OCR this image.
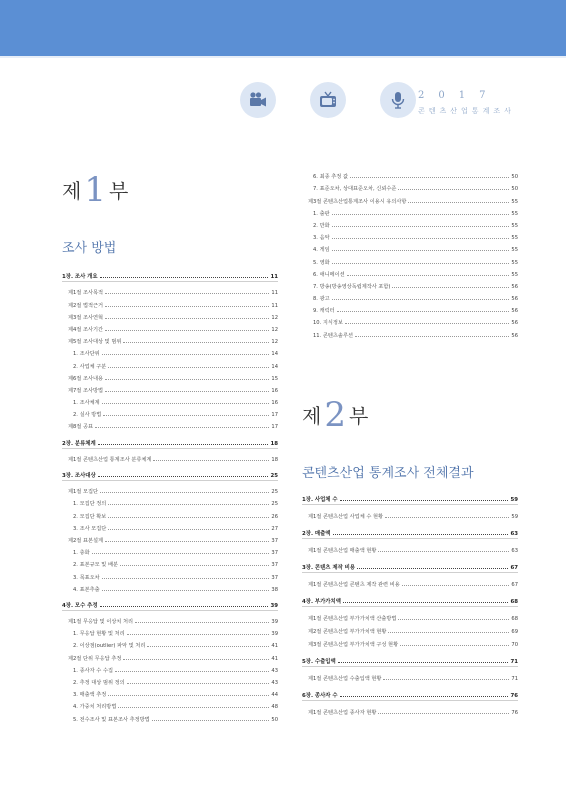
2017
콘텐츠산업통계조사
제1 부
조사 방법
1장. 조사 개요	11
제1절 조사목적	11
제2절 법적근거	11
제3절 조사연혁	12
제4절 조사기간	12
제5절 조사대상 및 범위	12
1. 조사단위	14
2. 사업체 구분	14
제6절 조사내용	15
제7절 조사방법	16
1. 조사체계	16
2. 실사 방법	17
제8절 공표	17
2장. 분류체계	18
제1절 콘텐츠산업 통계조사 분류체계	18
3장. 조사대상	25
제1절 모집단	25
1. 모집단 정의	25
2. 모집단 확보	26
3. 조사 모집단	27
제2절 표본설계	37
1. 층화	37
2. 표본규모 및 배분	37
3. 목표오차	37
4. 표본추출	38
4장. 모수 추정	39
제1절 무응답 및 이상치 처리	39
1. 무응답 현황 및 처리	39
2. 이상점(outlier) 파악 및 처리	41
제2절 단위 무응답 추정	41
1. 종사자 수 수집	43
2. 추정 대상 범위 정의	43
3. 매출액 추정	44
4. 가중치 처리방법	48
5. 전수조사 및 표본조사 추정방법	50
6. 최종 추정 값	50
7. 표준오차, 상대표준오차, 신뢰수준	50
제3절 콘텐츠산업통계조사 이용시 유의사항	55
1. 출판	55
2. 만화	55
3. 음악	55
4. 게임	55
5. 영화	55
6. 애니메이션	55
7. 방송(방송영상독립제작사 포함)	56
8. 광고	56
9. 캐릭터	56
10. 지식정보	56
11. 콘텐츠솔루션	56
제2 부
콘텐츠산업 통계조사 전체결과
1장. 사업체 수	59
제1절 콘텐츠산업 사업체 수 현황	59
2장. 매출액	63
제1절 콘텐츠산업 매출액 현황	63
3장. 콘텐츠 제작 비용	67
제1절 콘텐츠산업 콘텐츠 제작 관련 비용	67
4장. 부가가치액	68
제1절 콘텐츠산업 부가가치액 산출방법	68
제2절 콘텐츠산업 부가가치액 현황	69
제3절 콘텐츠산업 부가가치액 구성 현황	70
5장. 수출입액	71
제1절 콘텐츠산업 수출입액 현황	71
6장. 종사자 수	76
제1절 콘텐츠산업 종사자 현황	76
